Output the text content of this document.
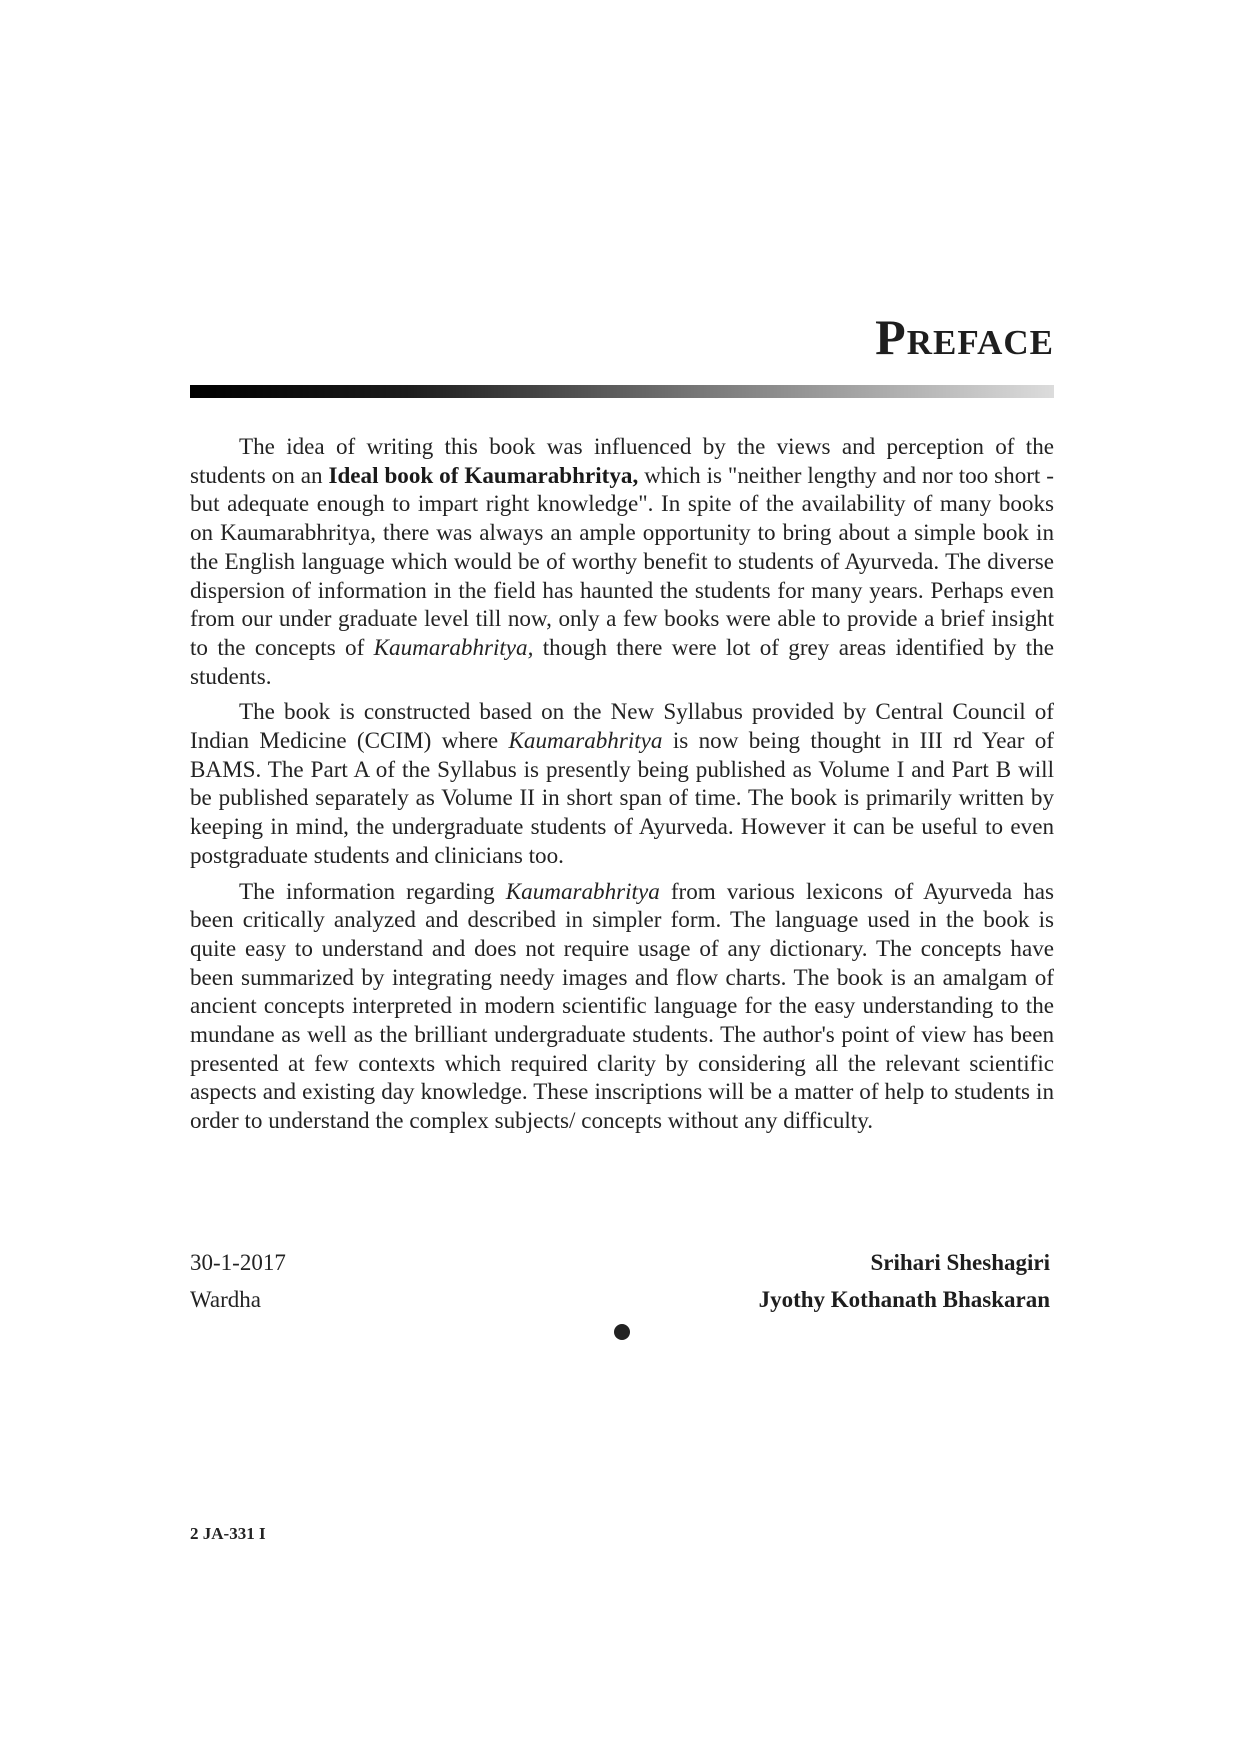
Preface

The idea of writing this book was influenced by the views and perception of the students on an Ideal book of Kaumarabhritya, which is "neither lengthy and nor too short - but adequate enough to impart right knowledge". In spite of the availability of many books on Kaumarabhritya, there was always an ample opportunity to bring about a simple book in the English language which would be of worthy benefit to students of Ayurveda. The diverse dispersion of information in the field has haunted the students for many years. Perhaps even from our under graduate level till now, only a few books were able to provide a brief insight to the concepts of Kaumarabhritya, though there were lot of grey areas identified by the students.

The book is constructed based on the New Syllabus provided by Central Council of Indian Medicine (CCIM) where Kaumarabhritya is now being thought in III rd Year of BAMS. The Part A of the Syllabus is presently being published as Volume I and Part B will be published separately as Volume II in short span of time. The book is primarily written by keeping in mind, the undergraduate students of Ayurveda. However it can be useful to even postgraduate students and clinicians too.

The information regarding Kaumarabhritya from various lexicons of Ayurveda has been critically analyzed and described in simpler form. The language used in the book is quite easy to understand and does not require usage of any dictionary. The concepts have been summarized by integrating needy images and flow charts. The book is an amalgam of ancient concepts interpreted in modern scientific language for the easy understanding to the mundane as well as the brilliant undergraduate students. The author's point of view has been presented at few contexts which required clarity by considering all the relevant scientific aspects and existing day knowledge. These inscriptions will be a matter of help to students in order to understand the complex subjects/ concepts without any difficulty.

30-1-2017
Wardha
Srihari Sheshagiri
Jyothy Kothanath Bhaskaran
2 JA-331 I
